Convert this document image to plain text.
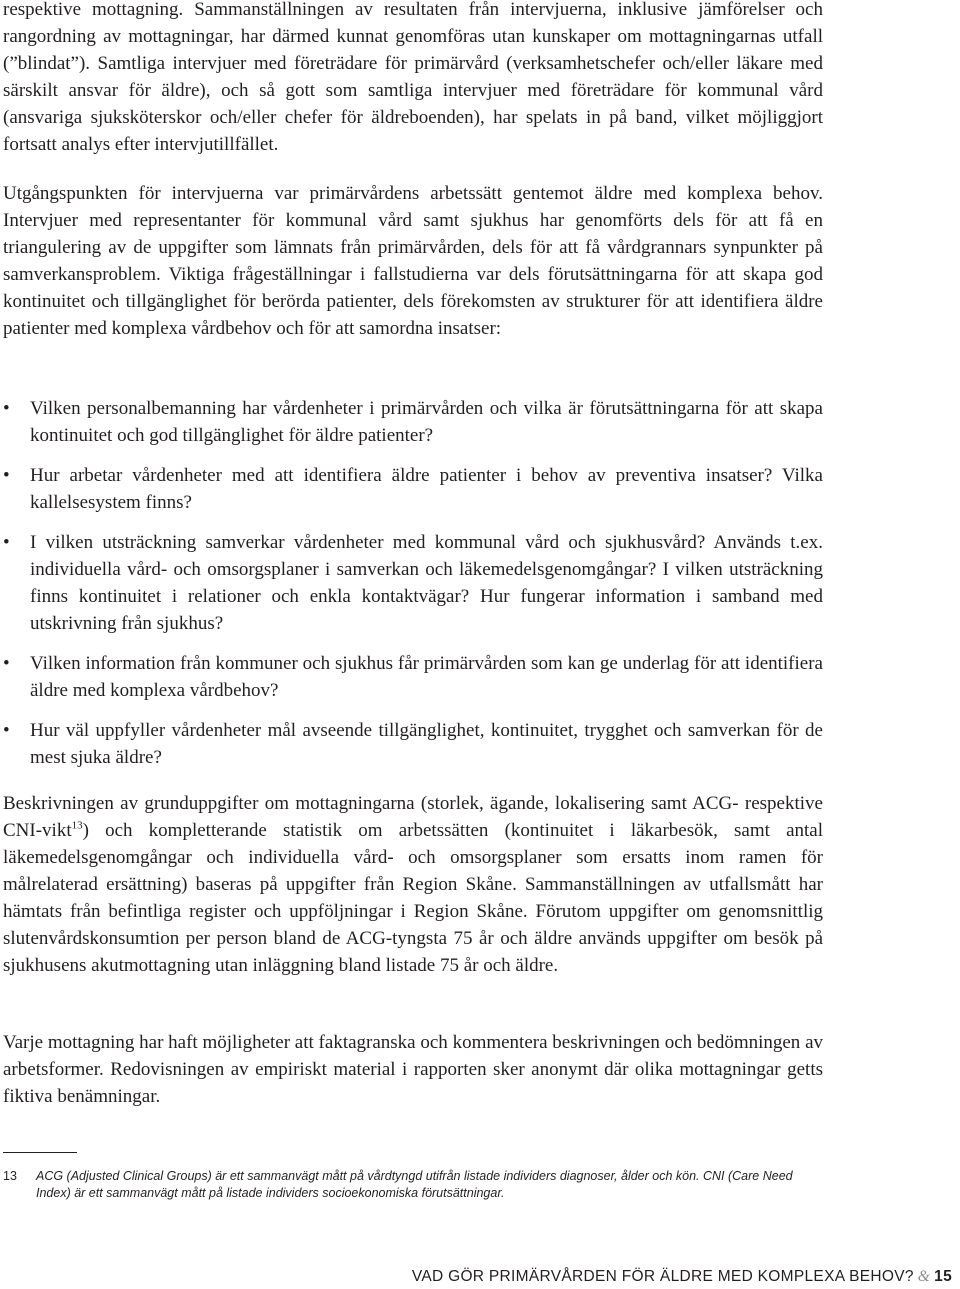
respektive mottagning. Sammanställningen av resultaten från intervjuerna, inklusive jämförelser och rangordning av mottagningar, har därmed kunnat genomföras utan kunskaper om mottagningarnas utfall (”blindat”). Samtliga intervjuer med företrädare för primärvård (verksamhetschefer och/eller läkare med särskilt ansvar för äldre), och så gott som samtliga intervjuer med företrädare för kommunal vård (ansvariga sjuksköterskor och/eller chefer för äldreboenden), har spelats in på band, vilket möjliggjort fortsatt analys efter intervjutillfället.

Utgångspunkten för intervjuerna var primärvårdens arbetssätt gentemot äldre med komplexa behov. Intervjuer med representanter för kommunal vård samt sjukhus har genomförts dels för att få en triangulering av de uppgifter som lämnats från primärvården, dels för att få vårdgrannars synpunkter på samverkansproblem. Viktiga frågeställningar i fallstudierna var dels förutsättningarna för att skapa god kontinuitet och tillgänglighet för berörda patienter, dels förekomsten av strukturer för att identifiera äldre patienter med komplexa vårdbehov och för att samordna insatser:

• Vilken personalbemanning har vårdenheter i primärvården och vilka är förutsättningarna för att skapa kontinuitet och god tillgänglighet för äldre patienter?
• Hur arbetar vårdenheter med att identifiera äldre patienter i behov av preventiva insatser? Vilka kallelsesystem finns?
• I vilken utsträckning samverkar vårdenheter med kommunal vård och sjukhusvård? Används t.ex. individuella vård- och omsorgsplaner i samverkan och läkemedelsgenomgångar? I vilken utsträckning finns kontinuitet i relationer och enkla kontaktvägar? Hur fungerar information i samband med utskrivning från sjukhus?
• Vilken information från kommuner och sjukhus får primärvården som kan ge underlag för att identifiera äldre med komplexa vårdbehov?
• Hur väl uppfyller vårdenheter mål avseende tillgänglighet, kontinuitet, trygghet och samverkan för de mest sjuka äldre?

Beskrivningen av grunduppgifter om mottagningarna (storlek, ägande, lokalisering samt ACG- respektive CNI-vikt$^{13}$) och kompletterande statistik om arbetssätten (kontinuitet i läkarbesök, samt antal läkemedelsgenomgångar och individuella vård- och omsorgsplaner som ersatts inom ramen för målrelaterad ersättning) baseras på uppgifter från Region Skåne. Sammanställningen av utfallsmått har hämtats från befintliga register och uppföljningar i Region Skåne. Förutom uppgifter om genomsnittlig slutenvårdskonsumtion per person bland de ACG-tyngsta 75 år och äldre används uppgifter om besök på sjukhusens akutmottagning utan inläggning bland listade 75 år och äldre.

Varje mottagning har haft möjligheter att faktagranska och kommentera beskrivningen och bedömningen av arbetsformer. Redovisningen av empiriskt material i rapporten sker anonymt där olika mottagningar getts fiktiva benämningar.

13	ACG (Adjusted Clinical Groups) är ett sammanvägt mått på vårdtyngd utifrån listade individers diagnoser, ålder och kön. CNI (Care Need Index) är ett sammanvägt mått på listade individers socioekonomiska förutsättningar.
VAD GÖR PRIMÄRVÅRDEN FÖR ÄLDRE MED KOMPLEXA BEHOV? & 15
